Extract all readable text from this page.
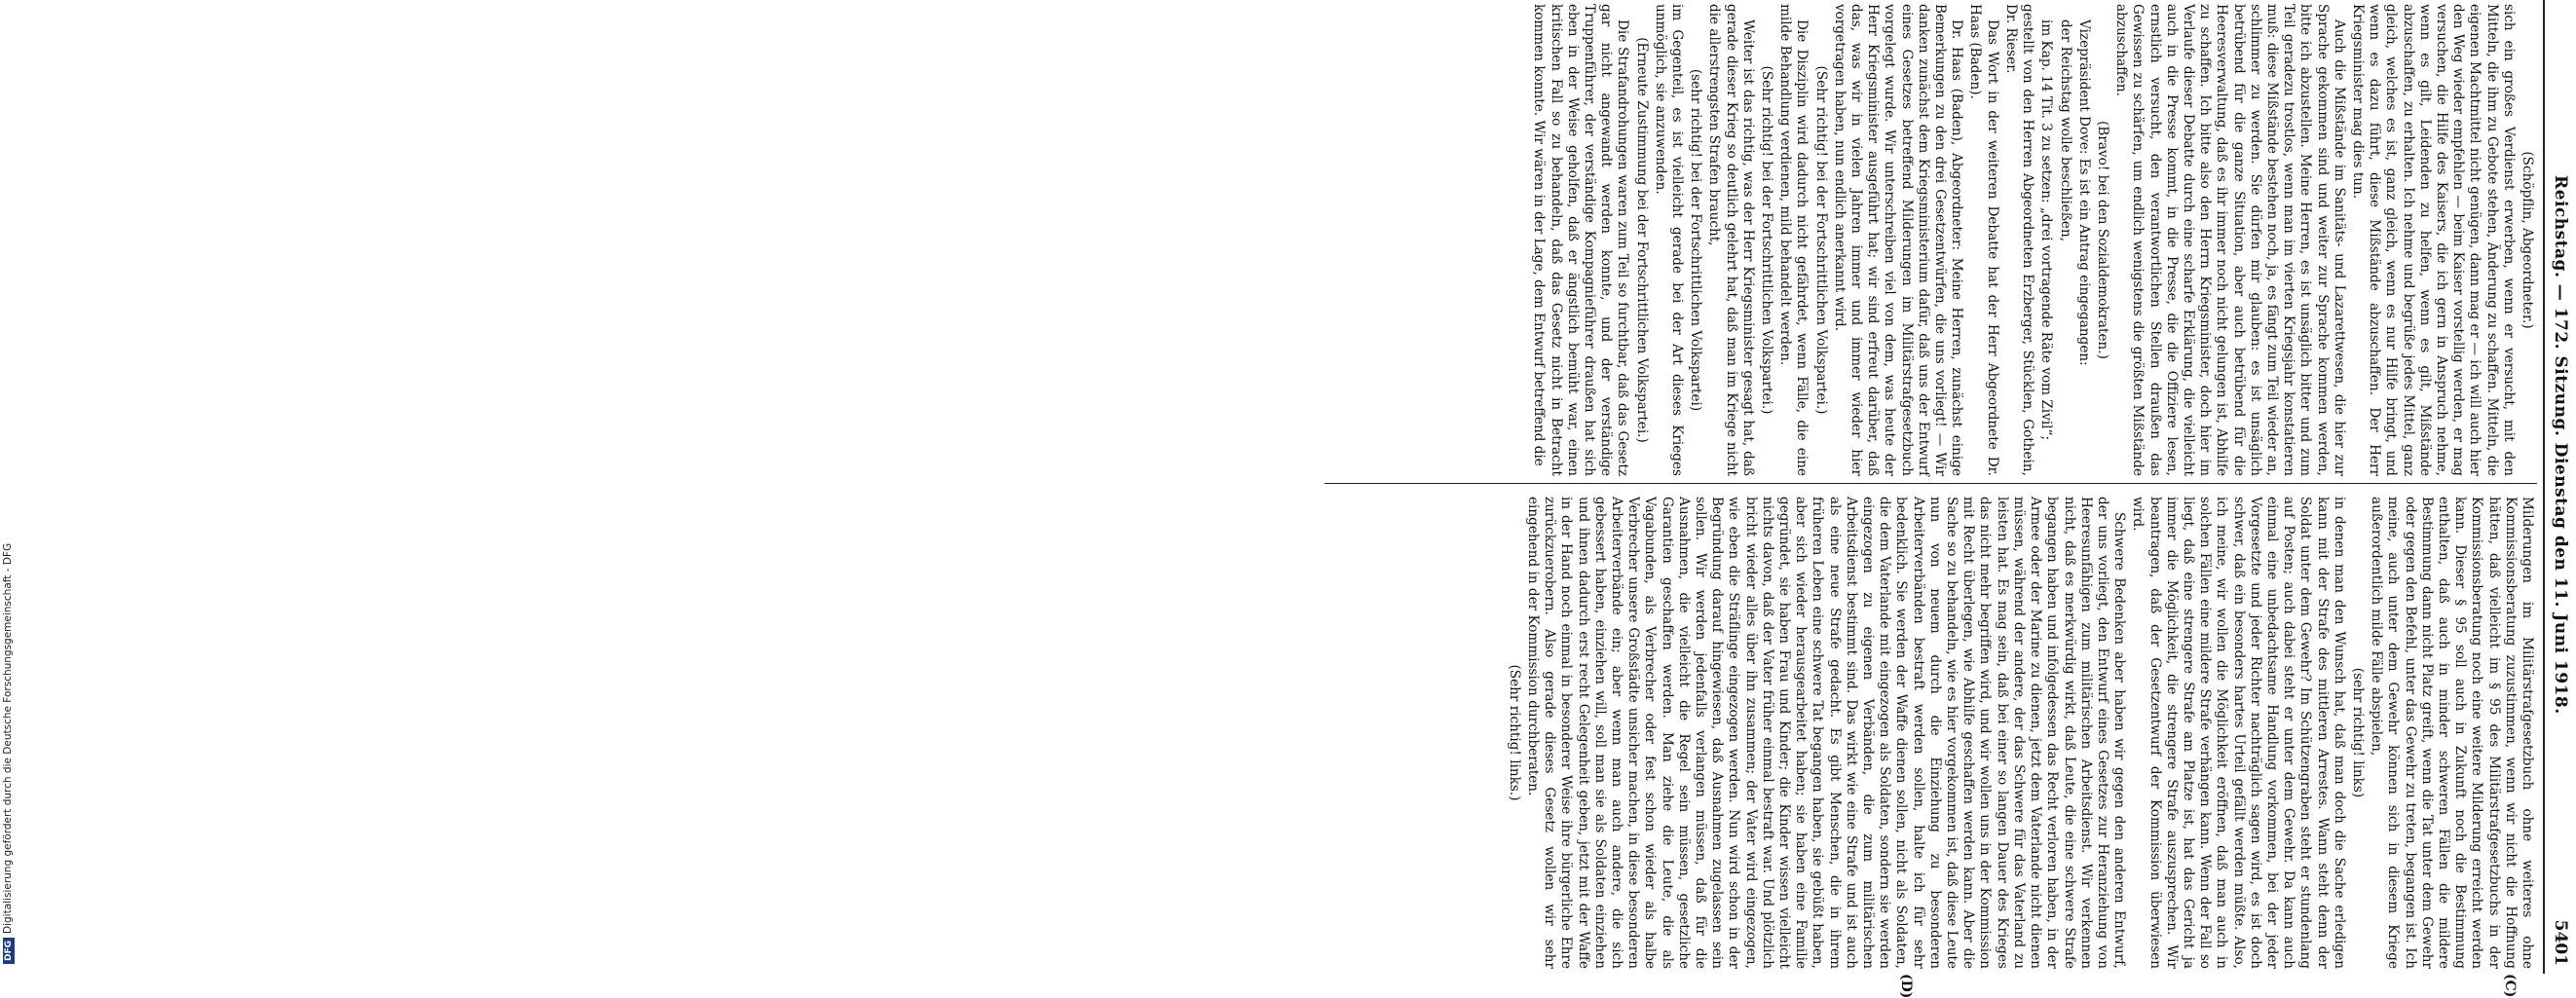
Reichstag. — 172. Sitzung. Dienstag den 11. Juni 1918.
5401

(Schöpflin, Abgeordneter.)

sich ein großes Verdienst erwerben, wenn er versucht, mit den Mitteln, die ihm zu Gebote stehen, Änderung zu schaffen. Mitteln, die eigenen Machtmittel nicht genügen, dann mag er — ich will auch hier den Weg wieder empfehlen — beim Kaiser vorstellig werden, er mag versuchen, die Hilfe des Kaisers, die ich gern in Anspruch nehme, wenn es gilt, Leidenden zu helfen, wenn es gilt, Mißstände abzuschaffen, zu erhalten. Ich nehme und begrüße jedes Mittel, ganz gleich, welches es ist, ganz gleich, wenn es nur Hilfe bringt, und wenn es dazu führt, diese Mißstände abzuschaffen. Der Herr Kriegsminister mag dies tun.

Auch die Mißstände im Sanitäts- und Lazarettwesen, die hier zur Sprache gekommen sind und weiter zur Sprache kommen werden, bitte ich abzustellen. Meine Herren, es ist unsäglich bitter und zum Teil geradezu trostlos, wenn man im vierten Kriegsjahr konstatieren muß: diese Mißstände bestehen noch, ja, es fängt zum Teil wieder an, schlimmer zu werden. Sie dürfen mir glauben: es ist unsäglich betrübend für die ganze Situation, aber auch betrübend für die Heeresverwaltung, daß es ihr immer noch nicht gelungen ist, Abhilfe zu schaffen. Ich bitte also den Herrn Kriegsminister, doch hier im Verlaufe dieser Debatte durch eine scharfe Erklärung, die vielleicht auch in die Presse kommt, in die Presse, die die Offiziere lesen, ernstlich versucht, den verantwortlichen Stellen draußen das Gewissen zu schärfen, um endlich wenigstens die größten Mißstände abzuschaffen.

(Bravo! bei den Sozialdemokraten.)

Vizepräsident Dove: Es ist ein Antrag eingegangen:

der Reichstag wolle beschließen,

im Kap. 14 Tit. 3 zu setzen: „drei vortragende Räte vom Zivil“;

gestellt von den Herren Abgeordneten Erzberger, Stücklen, Gothein, Dr. Rieser.

Das Wort in der weiteren Debatte hat der Herr Abgeordnete Dr. Haas (Baden).

Dr. Haas (Baden), Abgeordneter: Meine Herren, zunächst einige Bemerkungen zu den drei Gesetzentwürfen, die uns vorliegt! — Wir danken zunächst dem Kriegsministerium dafür, daß uns der Entwurf eines Gesetzes betreffend Milderungen im Militärstrafgesetzbuch vorgelegt wurde. Wir unterschreiben viel von dem, was heute der Herr Kriegsminister ausgeführt hat; wir sind erfreut darüber, daß das, was wir in vielen Jahren immer und immer wieder hier vorgetragen haben, nun endlich anerkannt wird.

(Sehr richtig! bei der Fortschrittlichen Volkspartei.)

Die Disziplin wird dadurch nicht gefährdet, wenn Fälle, die eine milde Behandlung verdienen, mild behandelt werden.

(Sehr richtig! bei der Fortschrittlichen Volkspartei.)

Weiter ist das richtig, was der Herr Kriegsminister gesagt hat, daß gerade dieser Krieg so deutlich gelehrt hat, daß man im Kriege nicht die allerstrengsten Strafen braucht,

(sehr richtig! bei der Fortschrittlichen Volkspartei)

im Gegenteil, es ist vielleicht gerade bei der Art dieses Krieges unmöglich, sie anzuwenden.

(Erneute Zustimmung bei der Fortschrittlichen Volkspartei.)

Die Strafandrohungen waren zum Teil so furchtbar, daß das Gesetz gar nicht angewandt werden konnte, und der verständige Truppenführer, der verständige Kompagnieführer draußen hat sich eben in der Weise geholfen, daß er ängstlich bemüht war, einen kritischen Fall so zu behandeln, daß das Gesetz nicht in Betracht kommen konnte. Wir wären in der Lage, dem Entwurf betreffend die

Milderungen im Militärstrafgesetzbuch ohne weiteres ohne Kommissionsberatung zuzustimmen, wenn wir nicht die Hoffnung hätten, daß vielleicht im § 95 des Militärstrafgesetzbuchs in der Kommissionsberatung noch eine weitere Milderung erreicht werden kann. Dieser § 95 soll auch in Zukunft noch die Bestimmung enthalten, daß auch in minder schweren Fällen die mildere Bestimmung dann nicht Platz greift, wenn die Tat unter dem Gewehr oder gegen den Befehl, unter das Gewehr zu treten, begangen ist. Ich meine, auch unter dem Gewehr können sich in diesem Kriege außerordentlich milde Fälle abspielen,

(sehr richtig! links)

in denen man den Wunsch hat, daß man doch die Sache erledigen kann mit der Strafe des mittleren Arrestes. Wann steht denn der Soldat unter dem Gewehr? Im Schützengraben steht er stundenlang auf Posten; auch dabei steht er unter dem Gewehr. Da kann auch einmal eine unbedachtsame Handlung vorkommen, bei der jeder Vorgesetzte und jeder Richter nachträglich sagen wird, es ist doch schwer, daß ein besonders hartes Urteil gefällt werden müßte. Also, ich meine, wir wollen die Möglichkeit eröffnen, daß man auch in solchen Fällen eine mildere Strafe verhängen kann. Wenn der Fall so liegt, daß eine strengere Strafe am Platze ist, hat das Gericht ja immer die Möglichkeit, die strengere Strafe auszusprechen. Wir beantragen, daß der Gesetzentwurf der Kommission überwiesen wird.

Schwere Bedenken aber haben wir gegen den anderen Entwurf, der uns vorliegt, den Entwurf eines Gesetzes zur Heranziehung von Heeresunfähigen zum militärischen Arbeitsdienst. Wir verkennen nicht, daß es merkwürdig wirkt, daß Leute, die eine schwere Strafe begangen haben und infolgedessen das Recht verloren haben, in der Armee oder der Marine zu dienen, jetzt dem Vaterlande nicht dienen müssen, während der andere, der das Schwere für das Vaterland zu leisten hat. Es mag sein, daß bei einer so langen Dauer des Krieges das nicht mehr begriffen wird, und wir wollen uns in der Kommission mit Recht überlegen, wie Abhilfe geschaffen werden kann. Aber die Sache so zu behandeln, wie es hier vorgekommen ist, daß diese Leute nun von neuem durch die Einziehung zu besonderen Arbeiterverbänden bestraft werden sollen, halte ich für sehr bedenklich. Sie werden der Waffe dienen sollen, nicht als Soldaten, die dem Vaterlande mit eingezogen als Soldaten, sondern sie werden eingezogen zu eigenen Verbänden, die zum militärischen Arbeitsdienst bestimmt sind. Das wirkt wie eine Strafe und ist auch als eine neue Strafe gedacht. Es gibt Menschen, die in ihrem früheren Leben eine schwere Tat begangen haben, sie gebüßt haben, aber sich wieder herausgearbeitet haben; sie haben eine Familie gegründet, sie haben Frau und Kinder; die Kinder wissen vielleicht nichts davon, daß der Vater früher einmal bestraft war. Und plötzlich bricht wieder alles über ihn zusammen; der Vater wird eingezogen, wie eben die Sträflinge eingezogen werden. Nun wird schon in der Begründung darauf hingewiesen, daß Ausnahmen zugelassen sein sollen. Wir werden jedenfalls verlangen müssen, daß für die Ausnahmen, die vielleicht die Regel sein müssen, gesetzliche Garantien geschaffen werden. Man ziehe die Leute, die als Vagabunden, als Verbrecher oder fest schon wieder als halbe Verbrecher unsere Großstädte unsicher machen, in diese besonderen Arbeiterverbände ein; aber wenn man auch andere, die sich gebessert haben, einziehen will, soll man sie als Soldaten einziehen und ihnen dadurch erst recht Gelegenheit geben, jetzt mit der Waffe in der Hand noch einmal in besonderer Weise ihre bürgerliche Ehre zurückzuerobern. Also gerade dieses Gesetz wollen wir sehr eingehend in der Kommission durchberaten.

(Sehr richtig! links.)

(C)
(D)
DFGDigitalisierung gefördert durch die Deutsche Forschungsgemeinschaft - DFG
